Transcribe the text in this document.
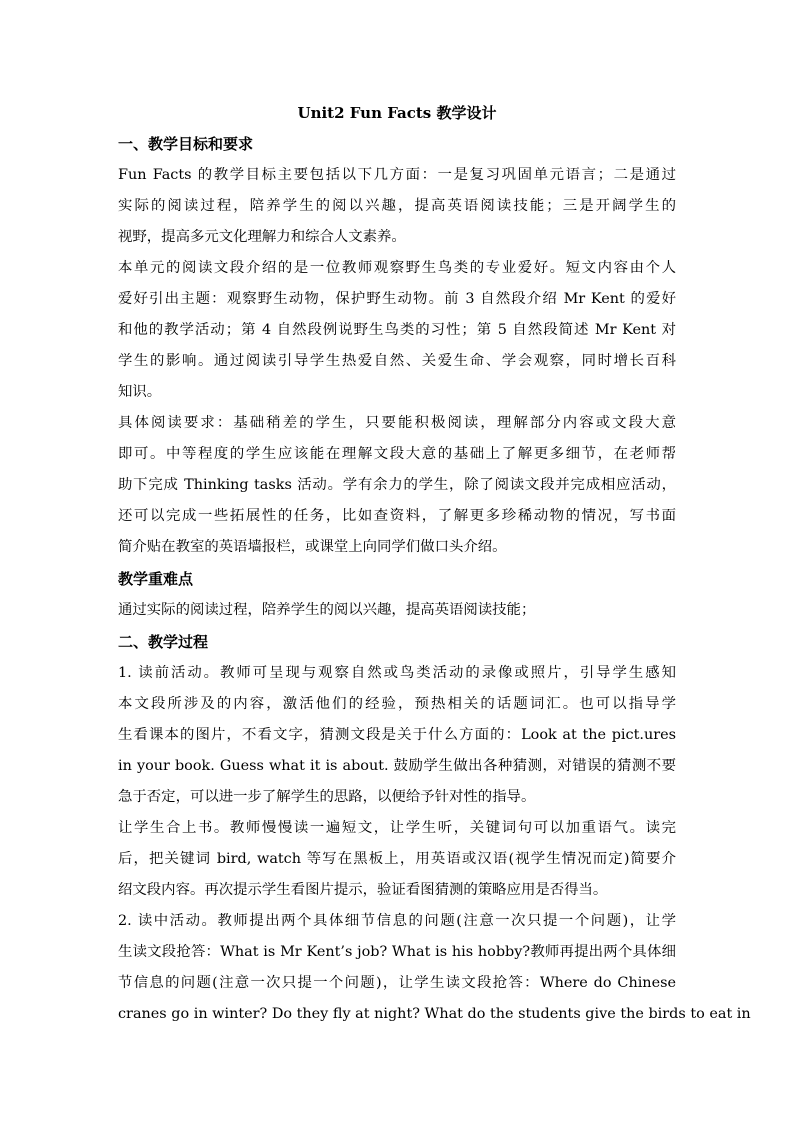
Unit2 Fun Facts 教学设计
一、教学目标和要求
Fun Facts 的教学目标主要包括以下几方面：一是复习巩固单元语言；二是通过
实际的阅读过程，陪养学生的阅以兴趣，提高英语阅读技能；三是开阔学生的
视野，提高多元文化理解力和综合人文素养。
本单元的阅读文段介绍的是一位教师观察野生鸟类的专业爱好。短文内容由个人
爱好引出主题：观察野生动物，保护野生动物。前 3 自然段介绍 Mr Kent 的爱好
和他的教学活动；第 4 自然段例说野生鸟类的习性；第 5 自然段简述 Mr Kent 对
学生的影响。通过阅读引导学生热爱自然、关爱生命、学会观察，同时增长百科
知识。
具体阅读要求：基础稍差的学生，只要能积极阅读，理解部分内容或文段大意
即可。中等程度的学生应该能在理解文段大意的基础上了解更多细节，在老师帮
助下完成 Thinking tasks 活动。学有余力的学生，除了阅读文段并完成相应活动，
还可以完成一些拓展性的任务，比如查资料，了解更多珍稀动物的情况，写书面
简介贴在教室的英语墙报栏，或课堂上向同学们做口头介绍。
教学重难点
通过实际的阅读过程，陪养学生的阅以兴趣，提高英语阅读技能；
二、教学过程
1. 读前活动。教师可呈现与观察自然或鸟类活动的录像或照片，引导学生感知
本文段所涉及的内容，激活他们的经验，预热相关的话题词汇。也可以指导学
生看课本的图片，不看文字，猜测文段是关于什么方面的：Look at the pict.ures
in your book. Guess what it is about. 鼓励学生做出各种猜测，对错误的猜测不要
急于否定，可以进一步了解学生的思路，以便给予针对性的指导。
让学生合上书。教师慢慢读一遍短文，让学生听，关键词句可以加重语气。读完
后，把关键词 bird, watch 等写在黑板上，用英语或汉语(视学生情况而定)简要介
绍文段内容。再次提示学生看图片提示，验证看图猜测的策略应用是否得当。
2. 读中活动。教师提出两个具体细节信息的问题(注意一次只提一个问题)，让学
生读文段抢答：What is Mr Kent’s job? What is his hobby?教师再提出两个具体细
节信息的问题(注意一次只提一个问题)，让学生读文段抢答：Where do Chinese
cranes go in winter? Do they fly at night? What do the students give the birds to eat in
